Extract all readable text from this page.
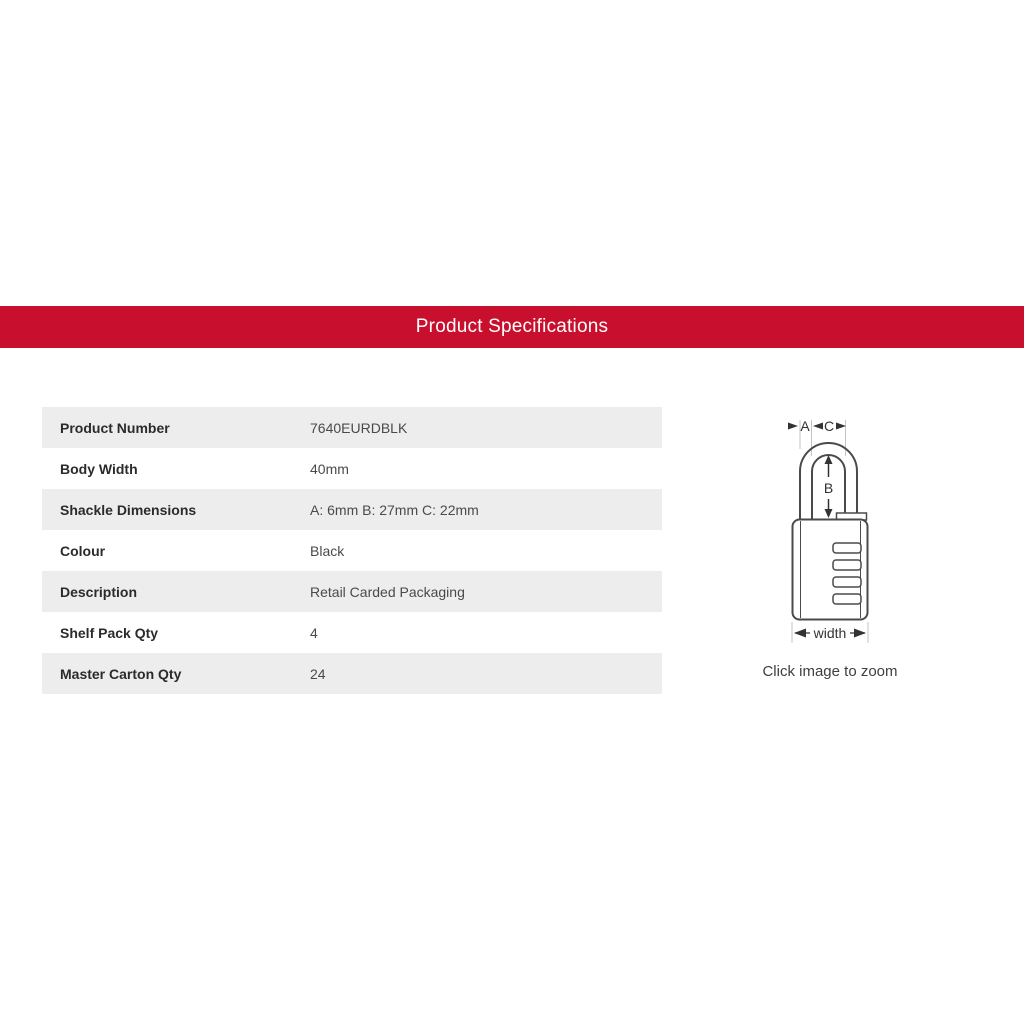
Product Specifications
Product Number	7640EURDBLK
Body Width	40mm
Shackle Dimensions	A: 6mm B: 27mm C: 22mm
Colour	Black
Description	Retail Carded Packaging
Shelf Pack Qty	4
Master Carton Qty	24
A C
B
width
Click image to zoom
